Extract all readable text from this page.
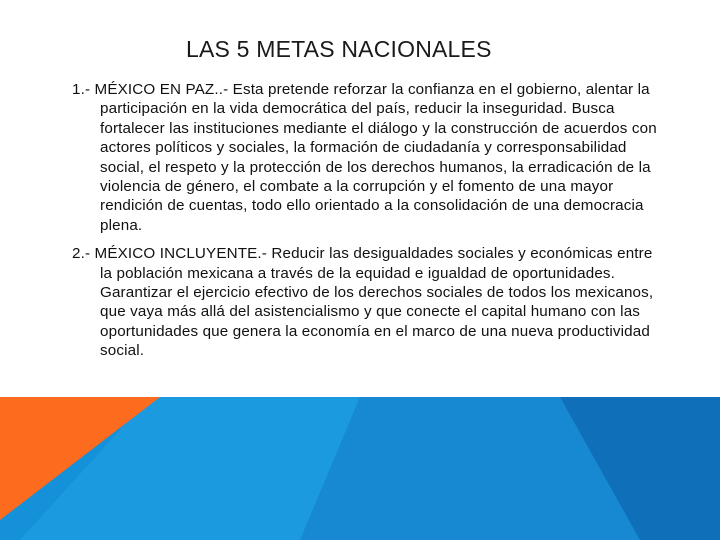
LAS 5 METAS NACIONALES

1.- MÉXICO EN PAZ..- Esta pretende reforzar la confianza en el gobierno, alentar la participación en la vida democrática del país, reducir la inseguridad. Busca fortalecer las instituciones mediante el diálogo y la construcción de acuerdos con actores políticos y sociales, la formación de ciudadanía y corresponsabilidad social, el respeto y la protección de los derechos humanos, la erradicación de la violencia de género, el combate a la corrupción y el fomento de una mayor rendición de cuentas, todo ello orientado a la consolidación de una democracia plena.

2.- MÉXICO INCLUYENTE.- Reducir las desigualdades sociales y económicas entre la población mexicana a través de la equidad e igualdad de oportunidades. Garantizar el ejercicio efectivo de los derechos sociales de todos los mexicanos, que vaya más allá del asistencialismo y que conecte el capital humano con las oportunidades que genera la economía en el marco de una nueva productividad social.
